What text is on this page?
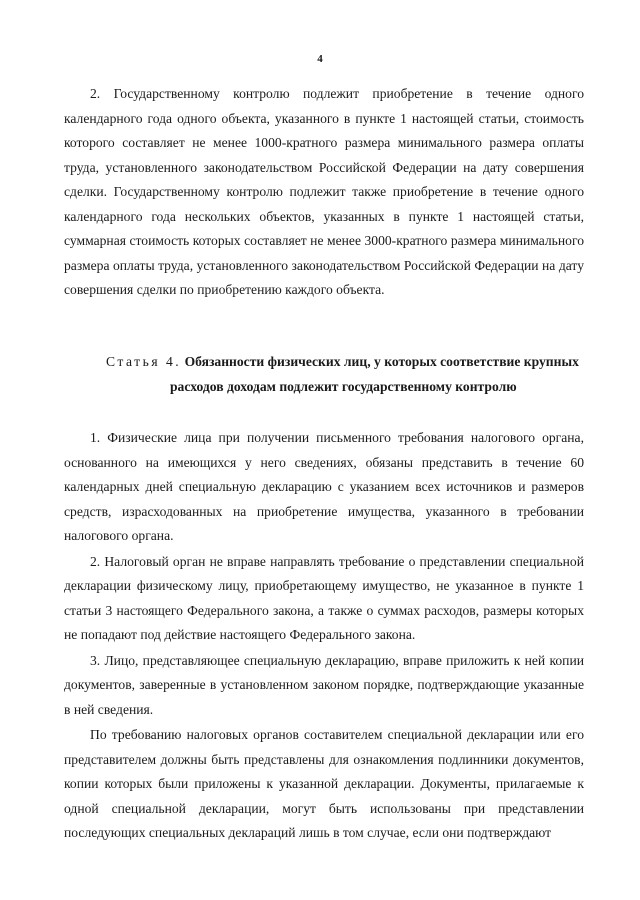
4

2. Государственному контролю подлежит приобретение в течение одного календарного года одного объекта, указанного в пункте 1 настоящей статьи, стоимость которого составляет не менее 1000-кратного размера минимального размера оплаты труда, установленного законодательством Российской Федерации на дату совершения сделки. Государственному контролю подлежит также приобретение в течение одного календарного года нескольких объектов, указанных в пункте 1 настоящей статьи, суммарная стоимость которых составляет не менее 3000-кратного размера минимального размера оплаты труда, установленного законодательством Российской Федерации на дату совершения сделки по приобретению каждого объекта.

Статья 4. Обязанности физических лиц, у которых соответствие крупных
расходов доходам подлежит государственному контролю

1. Физические лица при получении письменного требования налогового органа, основанного на имеющихся у него сведениях, обязаны представить в течение 60 календарных дней специальную декларацию с указанием всех источников и размеров средств, израсходованных на приобретение имущества, указанного в требовании налогового органа.

2. Налоговый орган не вправе направлять требование о представлении специальной декларации физическому лицу, приобретающему имущество, не указанное в пункте 1 статьи 3 настоящего Федерального закона, а также о суммах расходов, размеры которых не попадают под действие настоящего Федерального закона.

3. Лицо, представляющее специальную декларацию, вправе приложить к ней копии документов, заверенные в установленном законом порядке, подтверждающие указанные в ней сведения.

По требованию налоговых органов составителем специальной декларации или его представителем должны быть представлены для ознакомления подлинники документов, копии которых были приложены к указанной декларации. Документы, прилагаемые к одной специальной декларации, могут быть использованы при представлении последующих специальных деклараций лишь в том случае, если они подтверждают
